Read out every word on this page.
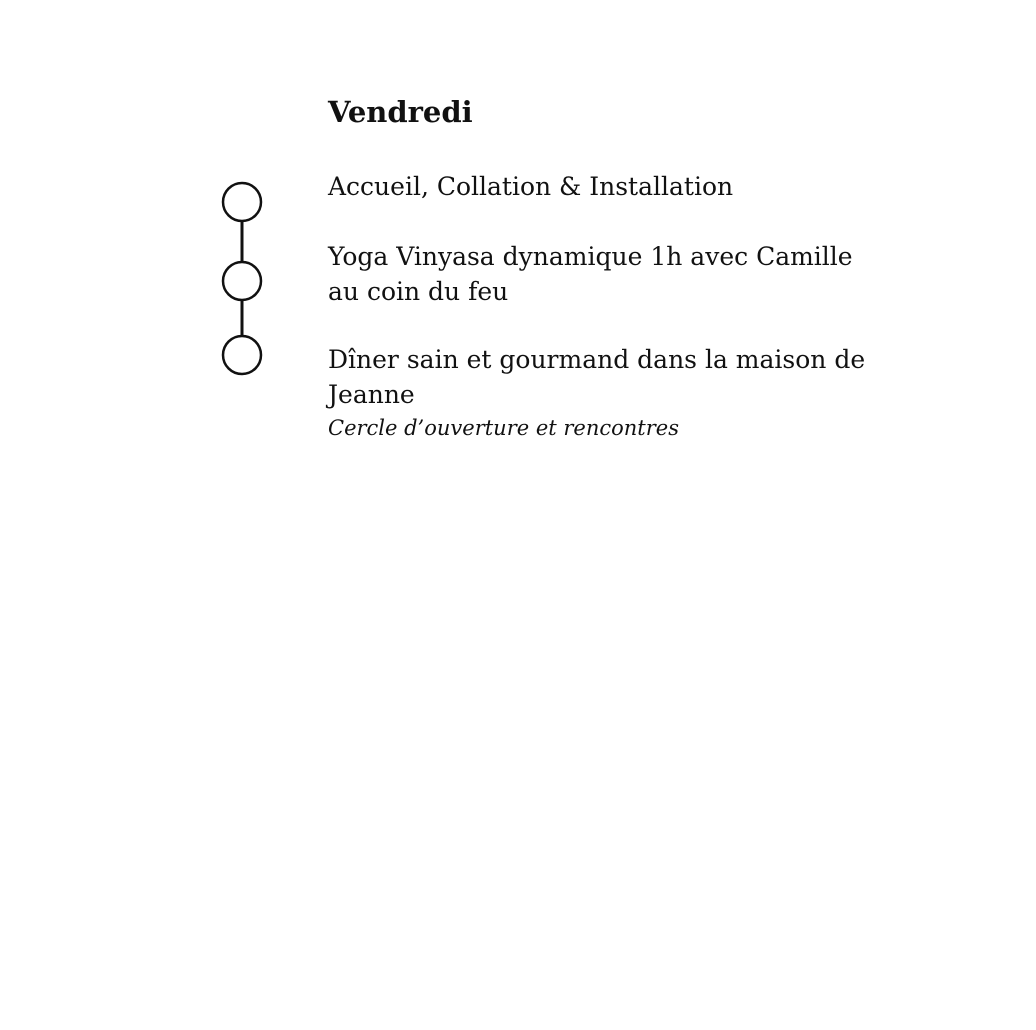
Vendredi

Accueil, Collation & Installation

Yoga Vinyasa dynamique 1h avec Camille au coin du feu

Dîner sain et gourmand dans la maison de Jeanne

Cercle d’ouverture et rencontres
